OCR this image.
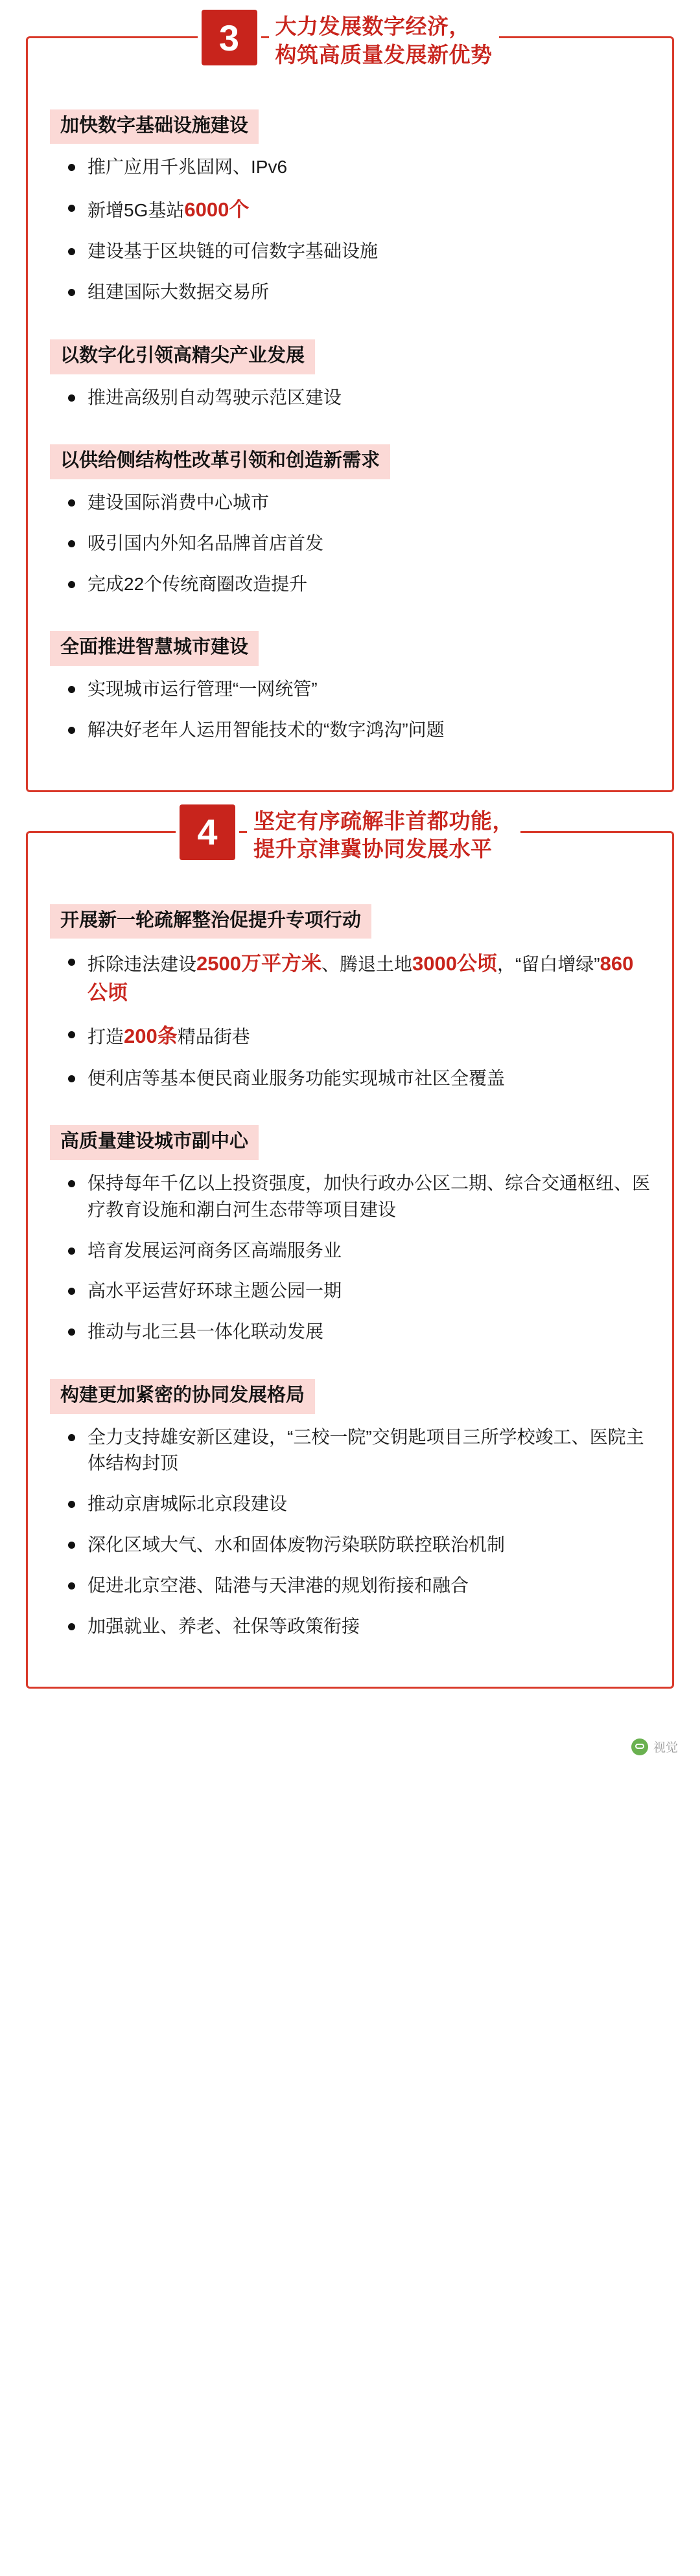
3	大力发展数字经济，
构筑高质量发展新优势
加快数字基础设施建设
推广应用千兆固网、IPv6
新增5G基站6000个
建设基于区块链的可信数字基础设施
组建国际大数据交易所
以数字化引领高精尖产业发展
推进高级别自动驾驶示范区建设
以供给侧结构性改革引领和创造新需求
建设国际消费中心城市
吸引国内外知名品牌首店首发
完成22个传统商圈改造提升
全面推进智慧城市建设
实现城市运行管理“一网统管”
解决好老年人运用智能技术的“数字鸿沟”问题
4	坚定有序疏解非首都功能，
提升京津冀协同发展水平
开展新一轮疏解整治促提升专项行动
拆除违法建设2500万平方米、腾退土地3000公顷，“留白增绿”860公顷
打造200条精品街巷
便利店等基本便民商业服务功能实现城市社区全覆盖
高质量建设城市副中心
保持每年千亿以上投资强度，加快行政办公区二期、综合交通枢纽、医疗教育设施和潮白河生态带等项目建设
培育发展运河商务区高端服务业
高水平运营好环球主题公园一期
推动与北三县一体化联动发展
构建更加紧密的协同发展格局
全力支持雄安新区建设，“三校一院”交钥匙项目三所学校竣工、医院主体结构封顶
推动京唐城际北京段建设
深化区域大气、水和固体废物污染联防联控联治机制
促进北京空港、陆港与天津港的规划衔接和融合
加强就业、养老、社保等政策衔接
视觉
